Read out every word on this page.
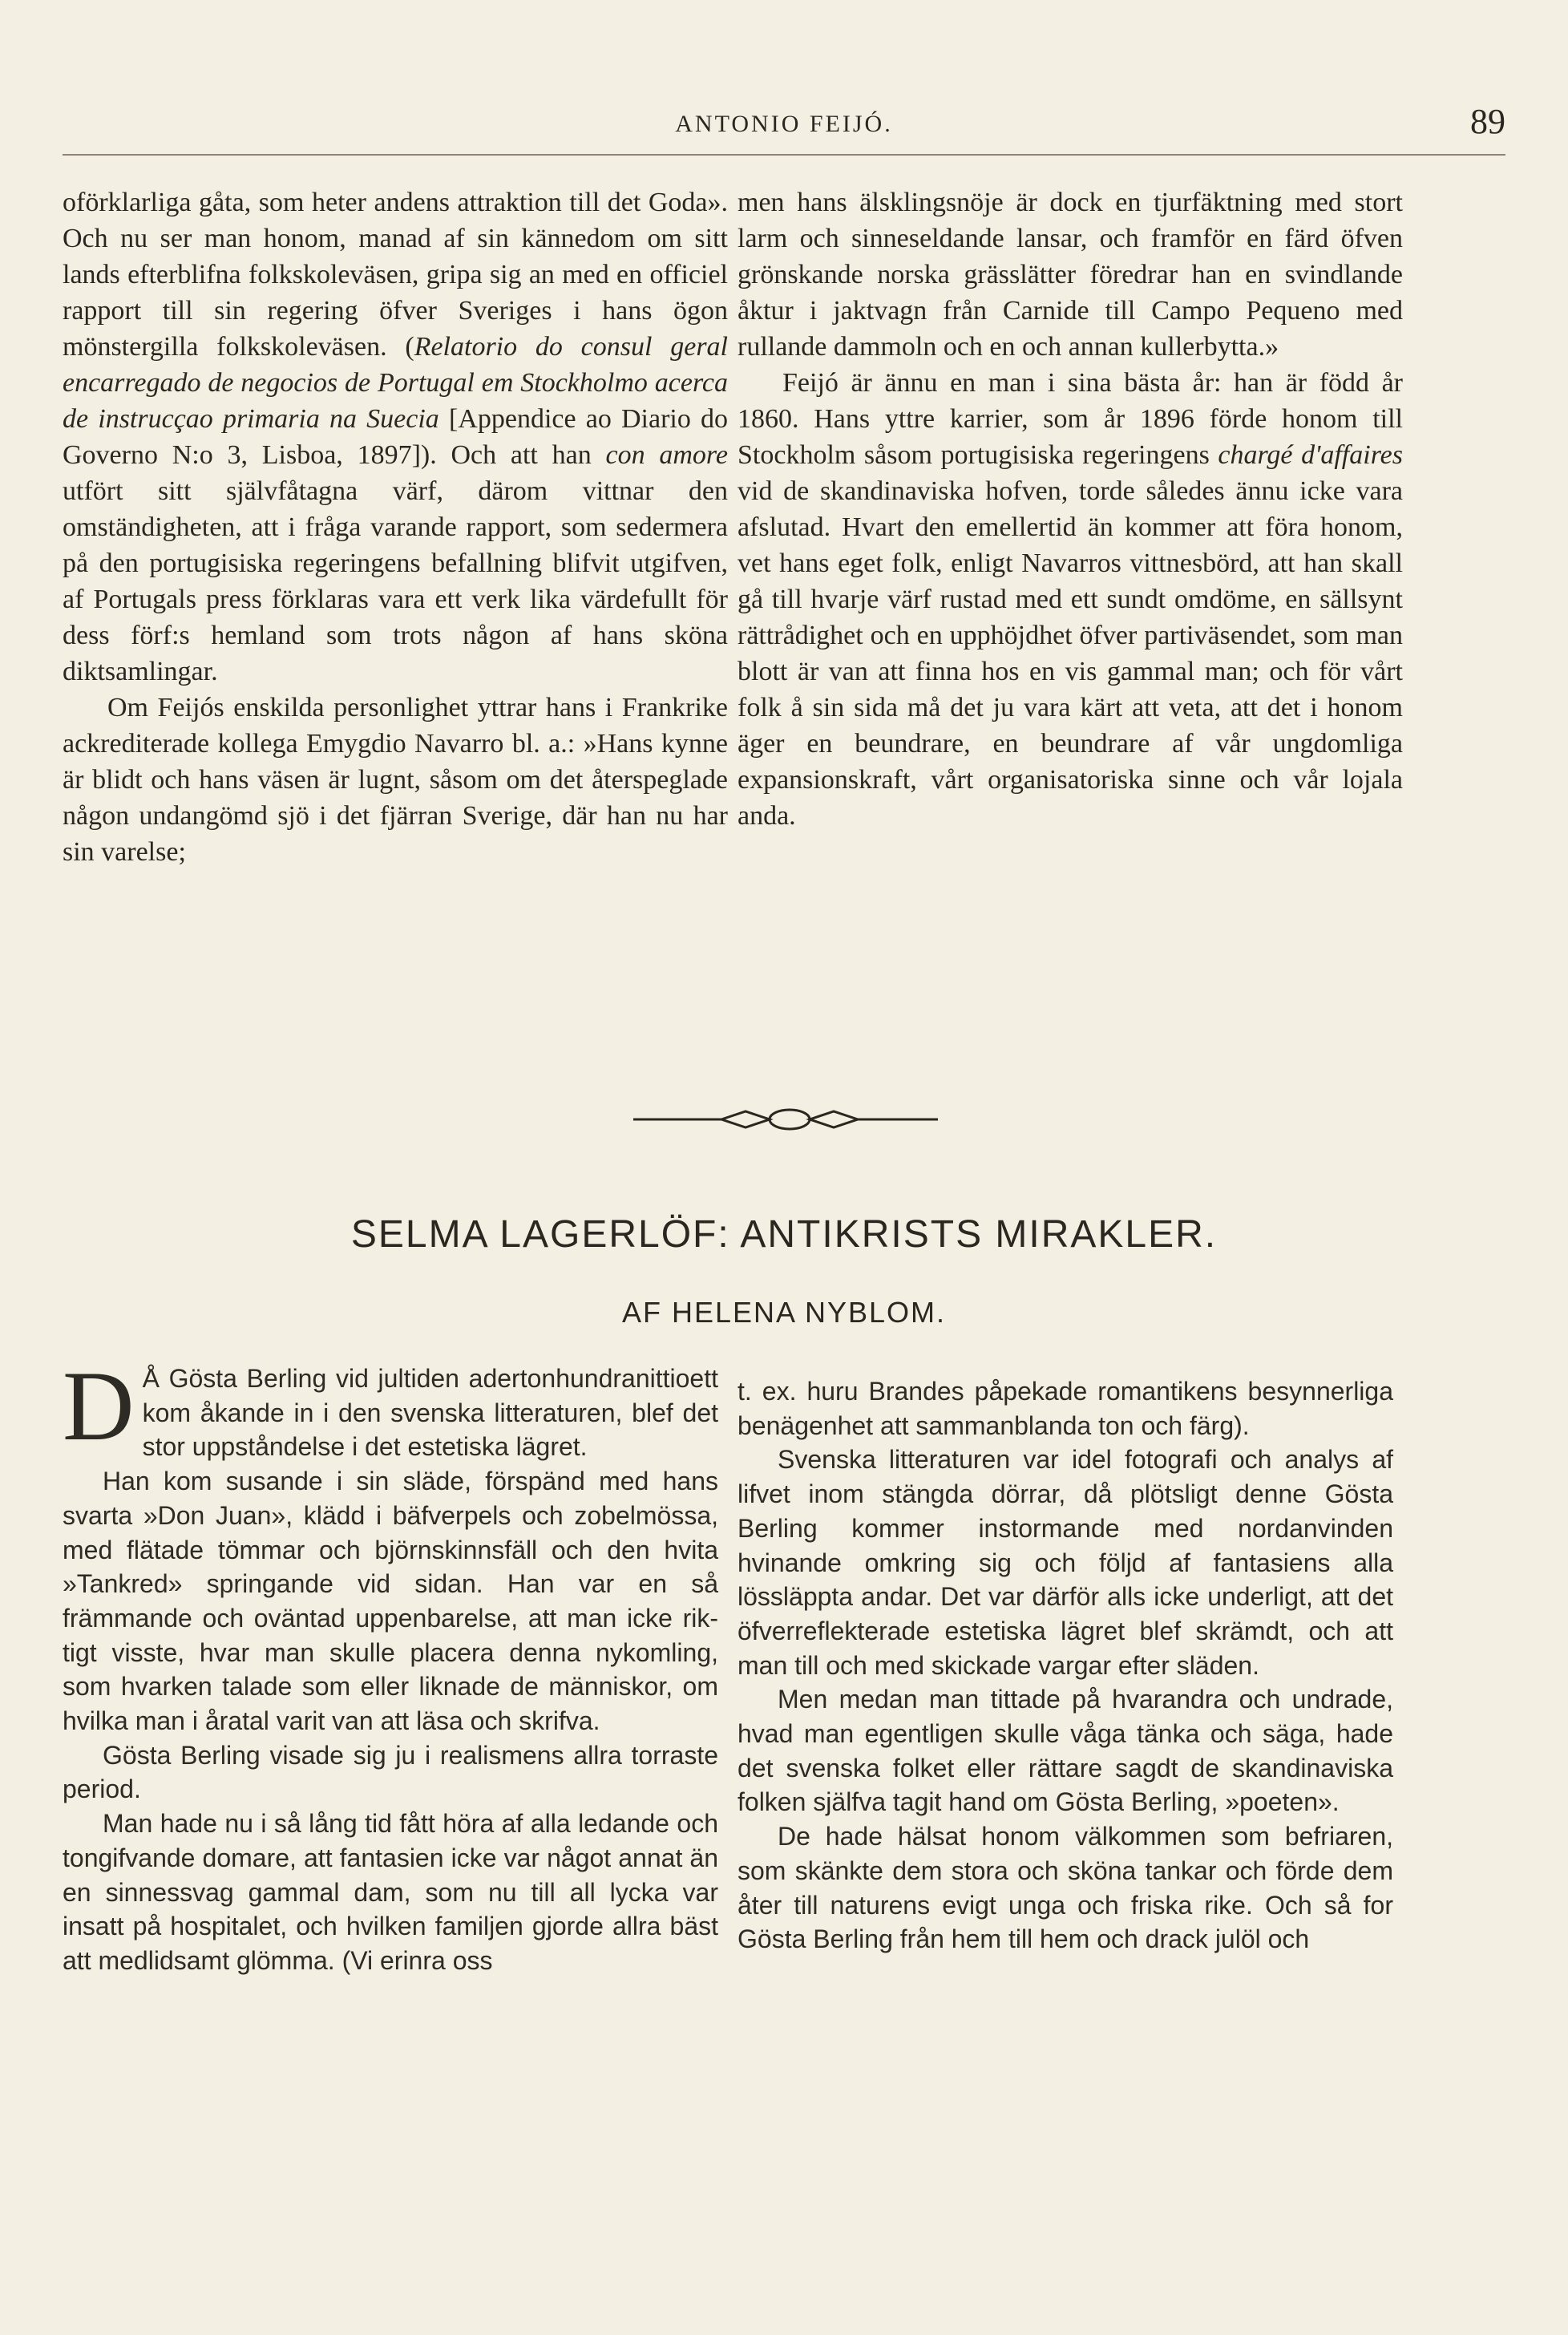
ANTONIO FEIJÓ.	89

oförklarliga gåta, som heter andens attraktion till det Goda». Och nu ser man honom, manad af sin kännedom om sitt lands efterblifna folkskoleväsen, gripa sig an med en officiel rapport till sin regering öfver Sveriges i hans ögon mönstergilla folkskoleväsen. (Relatorio do consul geral encarregado de negocios de Portugal em Stockholmo acerca de instrucçao primaria na Suecia [Appendice ao Diario do Governo N:o 3, Lisboa, 1897]). Och att han con amore utfört sitt självfåtagna värf, därom vittnar den omständigheten, att i fråga varande rapport, som sedermera på den portugisiska regeringens befallning blifvit utgifven, af Portugals press förklaras vara ett verk lika värdefullt för dess förf:s hemland som trots någon af hans sköna diktsamlingar.

Om Feijós enskilda personlighet yttrar hans i Frankrike ackrediterade kollega Emygdio Navarro bl. a.: »Hans kynne är blidt och hans väsen är lugnt, såsom om det återspeglade någon undangömd sjö i det fjärran Sverige, där han nu har sin varelse;

men hans älsklingsnöje är dock en tjurfäktning med stort larm och sinneseldande lansar, och framför en färd öfven grönskande norska grässlätter föredrar han en svindlande åktur i jaktvagn från Carnide till Campo Pequeno med rullande dammoln och en och annan kullerbytta.»

Feijó är ännu en man i sina bästa år: han är född år 1860. Hans yttre karrier, som år 1896 förde honom till Stockholm såsom portugisiska regeringens chargé d'affaires vid de skandinaviska hofven, torde således ännu icke vara afslutad. Hvart den emellertid än kommer att föra honom, vet hans eget folk, enligt Navarros vittnesbörd, att han skall gå till hvarje värf rustad med ett sundt omdöme, en sällsynt rättrådighet och en upphöjdhet öfver partiväsendet, som man blott är van att finna hos en vis gammal man; och för vårt folk å sin sida må det ju vara kärt att veta, att det i honom äger en beundrare, en beundrare af vår ungdomliga expansionskraft, vårt organisatoriska sinne och vår lojala anda.

SELMA LAGERLÖF: ANTIKRISTS MIRAKLER.
AF HELENA NYBLOM.

D Å Gösta Berling vid jultiden adertonhundranittioett kom åkande in i den svenska litteraturen, blef det stor uppståndelse i det estetiska lägret.

Han kom susande i sin släde, förspänd med hans svarta »Don Juan», klädd i bäfverpels och zobelmössa, med flätade tömmar och björnskinnsfäll och den hvita »Tankred» springande vid sidan. Han var en så främmande och oväntad uppenbarelse, att man icke riktigt visste, hvar man skulle placera denna nykomling, som hvarken talade som eller liknade de människor, om hvilka man i åratal varit van att läsa och skrifva.

Gösta Berling visade sig ju i realismens allra torraste period.

Man hade nu i så lång tid fått höra af alla ledande och tongifvande domare, att fantasien icke var något annat än en sinnessvag gammal dam, som nu till all lycka var insatt på hospitalet, och hvilken familjen gjorde allra bäst att medlidsamt glömma. (Vi erinra oss

t. ex. huru Brandes påpekade romantikens besynnerliga benägenhet att sammanblanda ton och färg).

Svenska litteraturen var idel fotografi och analys af lifvet inom stängda dörrar, då plötsligt denne Gösta Berling kommer instormande med nordanvinden hvinande omkring sig och följd af fantasiens alla lössläppta andar. Det var därför alls icke underligt, att det öfverreflekterade estetiska lägret blef skrämdt, och att man till och med skickade vargar efter släden.

Men medan man tittade på hvarandra och undrade, hvad man egentligen skulle våga tänka och säga, hade det svenska folket eller rättare sagdt de skandinaviska folken själfva tagit hand om Gösta Berling, »poeten».

De hade hälsat honom välkommen som befriaren, som skänkte dem stora och sköna tankar och förde dem åter till naturens evigt unga och friska rike. Och så for Gösta Berling från hem till hem och drack julöl och
